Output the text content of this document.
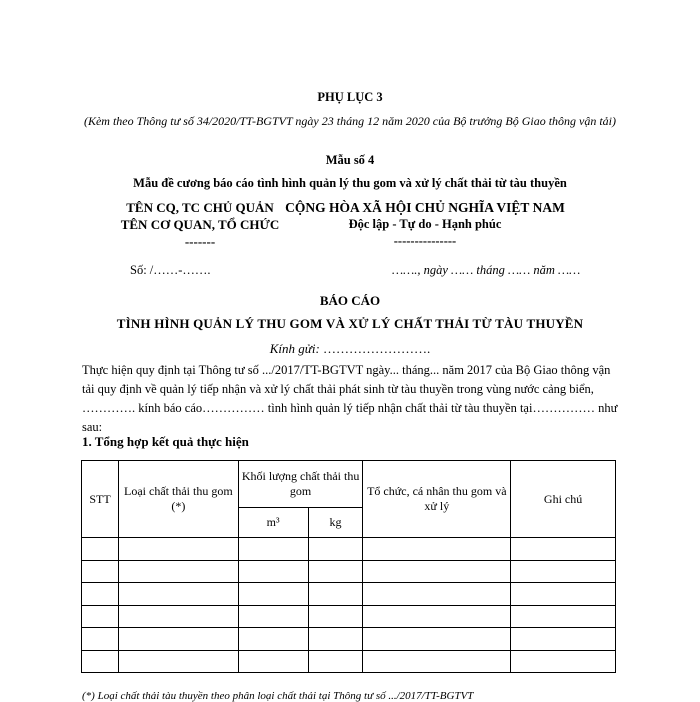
PHỤ LỤC 3
(Kèm theo Thông tư số 34/2020/TT-BGTVT ngày 23 tháng 12 năm 2020 của Bộ trưởng Bộ Giao thông vận tải)
Mẫu số 4
Mẫu đề cương báo cáo tình hình quản lý thu gom và xử lý chất thải từ tàu thuyền
TÊN CQ, TC CHỦ QUẢN
TÊN CƠ QUAN, TỔ CHỨC
-------
CỘNG HÒA XÃ HỘI CHỦ NGHĨA VIỆT NAM
Độc lập - Tự do - Hạnh phúc
---------------
Số: /……-…….	……., ngày …… tháng …… năm ……
BÁO CÁO
TÌNH HÌNH QUẢN LÝ THU GOM VÀ XỬ LÝ CHẤT THẢI TỪ TÀU THUYỀN
Kính gửi: …………………….
Thực hiện quy định tại Thông tư số .../2017/TT-BGTVT ngày... tháng... năm 2017 của Bộ Giao thông vận tải quy định về quản lý tiếp nhận và xử lý chất thải phát sinh từ tàu thuyền trong vùng nước cảng biển, …………. kính báo cáo…………… tình hình quản lý tiếp nhận chất thải từ tàu thuyền tại…………… như sau:
1. Tổng hợp kết quả thực hiện
STT	Loại chất thải thu gom (*)	Khối lượng chất thải thu gom		Tổ chức, cá nhân thu gom và xử lý	Ghi chú
		m³	kg		

(*) Loại chất thải tàu thuyền theo phân loại chất thải tại Thông tư số .../2017/TT-BGTVT
